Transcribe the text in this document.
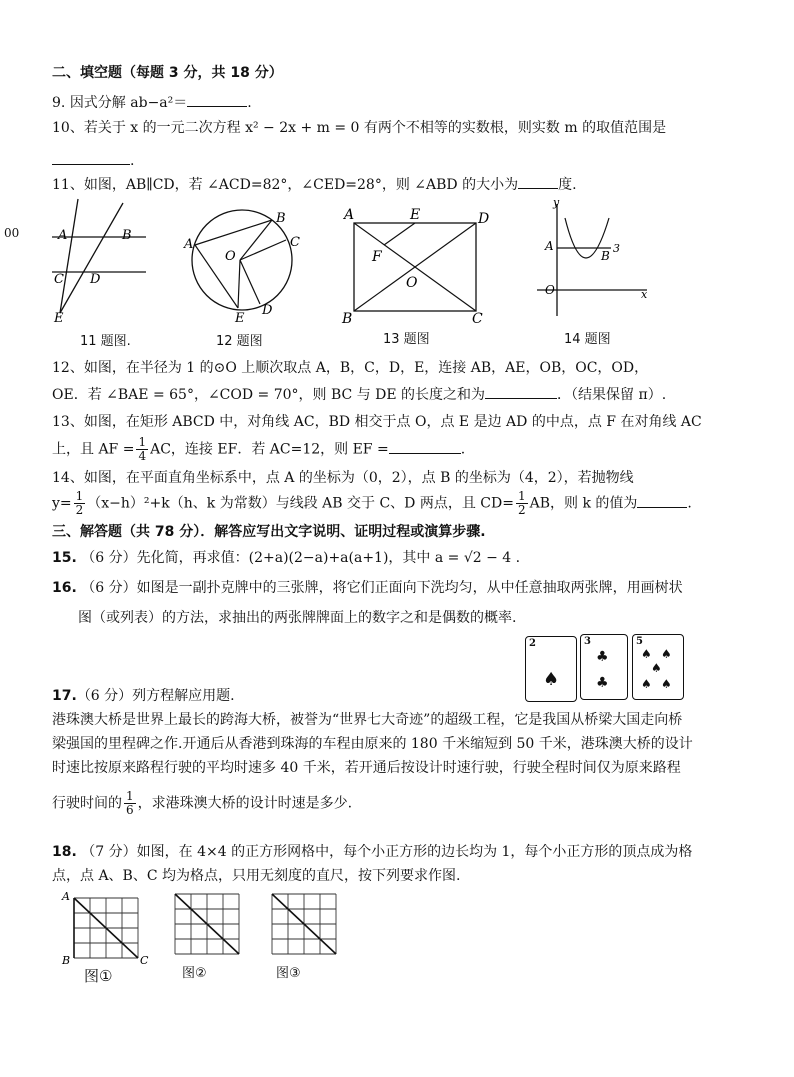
二、填空题（每题 3 分，共 18 分）
9. 因式分解 ab−a²＝	.
10、若关于 x 的一元二次方程 x² − 2x + m = 0 有两个不相等的实数根，则实数 m 的取值范围是
.
11、如图，AB∥CD，若 ∠ACD=82°，∠CED=28°，则 ∠ABD 的大小为	度.
00	A	B
C D
E
11 题图.
A
B
C
O
E
D
12 题图
A	E	D
F
O
B	C
13 题图
y
A
B
3
O	x
14 题图
12、如图，在半径为 1 的⊙O 上顺次取点 A，B，C，D，E，连接 AB，AE，OB，OC，OD，
OE．若 ∠BAE = 65°，∠COD = 70°，则 BC 与 DE 的长度之和为	．（结果保留 π）.
13、如图，在矩形 ABCD 中，对角线 AC，BD 相交于点 O，点 E 是边 AD 的中点，点 F 在对角线 AC
上，且 AF = $\frac{1}{4}$ AC，连接 EF．若 AC=12，则 EF =	.
14、如图，在平面直角坐标系中，点 A 的坐标为（0，2），点 B 的坐标为（4，2），若抛物线
$y= \frac{1}{2} (x-h)^2+k(h$、k 为常数）与线段 AB 交于 C、D 两点，且 $CD= \frac{1}{2}$ AB，则 k 的值为	.
三、解答题（共 78 分）．解答应写出文字说明、证明过程或演算步骤.
15. （6 分）先化简，再求值：(2+a)(2−a)+a(a+1)，其中 a = √2 − 4 .
16. （6 分）如图是一副扑克牌中的三张牌，将它们正面向下洗均匀，从中任意抽取两张牌，用画树状
图（或列表）的方法，求抽出的两张牌牌面上的数字之和是偶数的概率.
2
♠
3
♣
♣
5
♠ ♠
♠
♠ ♠
17.（6 分）列方程解应用题.
港珠澳大桥是世界上最长的跨海大桥，被誉为“世界七大奇迹”的超级工程，它是我国从桥梁大国走向桥
梁强国的里程碑之作.开通后从香港到珠海的车程由原来的 180 千米缩短到 50 千米，港珠澳大桥的设计
时速比按原来路程行驶的平均时速多 40 千米，若开通后按设计时速行驶，行驶全程时间仅为原来路程
行驶时间的 $\frac{1}{6}$ ，求港珠澳大桥的设计时速是多少.
18. （7 分）如图，在 4×4 的正方形网格中，每个小正方形的边长均为 1，每个小正方形的顶点成为格
点，点 A、B、C 均为格点，只用无刻度的直尺，按下列要求作图.
A
B	C
图①	图②	图③
